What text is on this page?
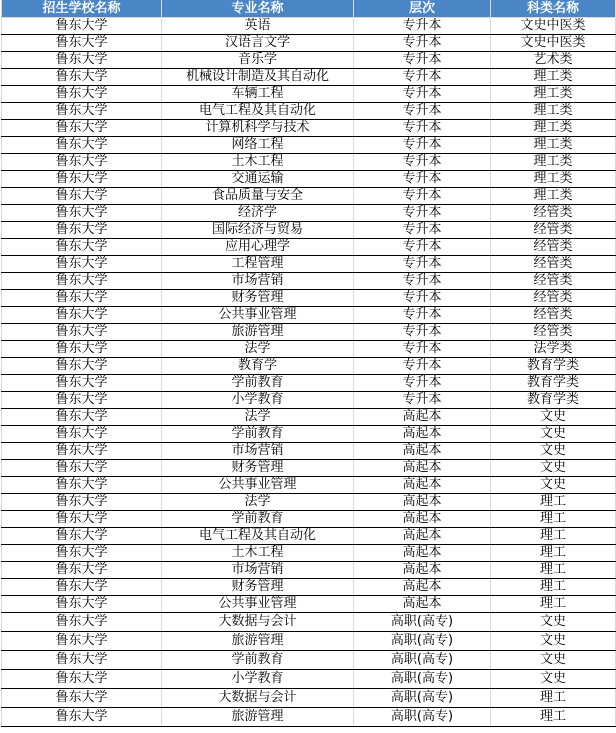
招生学校名称	专业名称	层次	科类名称
鲁东大学	英语	专升本	文史中医类
鲁东大学	汉语言文学	专升本	文史中医类
鲁东大学	音乐学	专升本	艺术类
鲁东大学	机械设计制造及其自动化	专升本	理工类
鲁东大学	车辆工程	专升本	理工类
鲁东大学	电气工程及其自动化	专升本	理工类
鲁东大学	计算机科学与技术	专升本	理工类
鲁东大学	网络工程	专升本	理工类
鲁东大学	土木工程	专升本	理工类
鲁东大学	交通运输	专升本	理工类
鲁东大学	食品质量与安全	专升本	理工类
鲁东大学	经济学	专升本	经管类
鲁东大学	国际经济与贸易	专升本	经管类
鲁东大学	应用心理学	专升本	经管类
鲁东大学	工程管理	专升本	经管类
鲁东大学	市场营销	专升本	经管类
鲁东大学	财务管理	专升本	经管类
鲁东大学	公共事业管理	专升本	经管类
鲁东大学	旅游管理	专升本	经管类
鲁东大学	法学	专升本	法学类
鲁东大学	教育学	专升本	教育学类
鲁东大学	学前教育	专升本	教育学类
鲁东大学	小学教育	专升本	教育学类
鲁东大学	法学	高起本	文史
鲁东大学	学前教育	高起本	文史
鲁东大学	市场营销	高起本	文史
鲁东大学	财务管理	高起本	文史
鲁东大学	公共事业管理	高起本	文史
鲁东大学	法学	高起本	理工
鲁东大学	学前教育	高起本	理工
鲁东大学	电气工程及其自动化	高起本	理工
鲁东大学	土木工程	高起本	理工
鲁东大学	市场营销	高起本	理工
鲁东大学	财务管理	高起本	理工
鲁东大学	公共事业管理	高起本	理工
鲁东大学	大数据与会计	高职(高专)	文史
鲁东大学	旅游管理	高职(高专)	文史
鲁东大学	学前教育	高职(高专)	文史
鲁东大学	小学教育	高职(高专)	文史
鲁东大学	大数据与会计	高职(高专)	理工
鲁东大学	旅游管理	高职(高专)	理工
